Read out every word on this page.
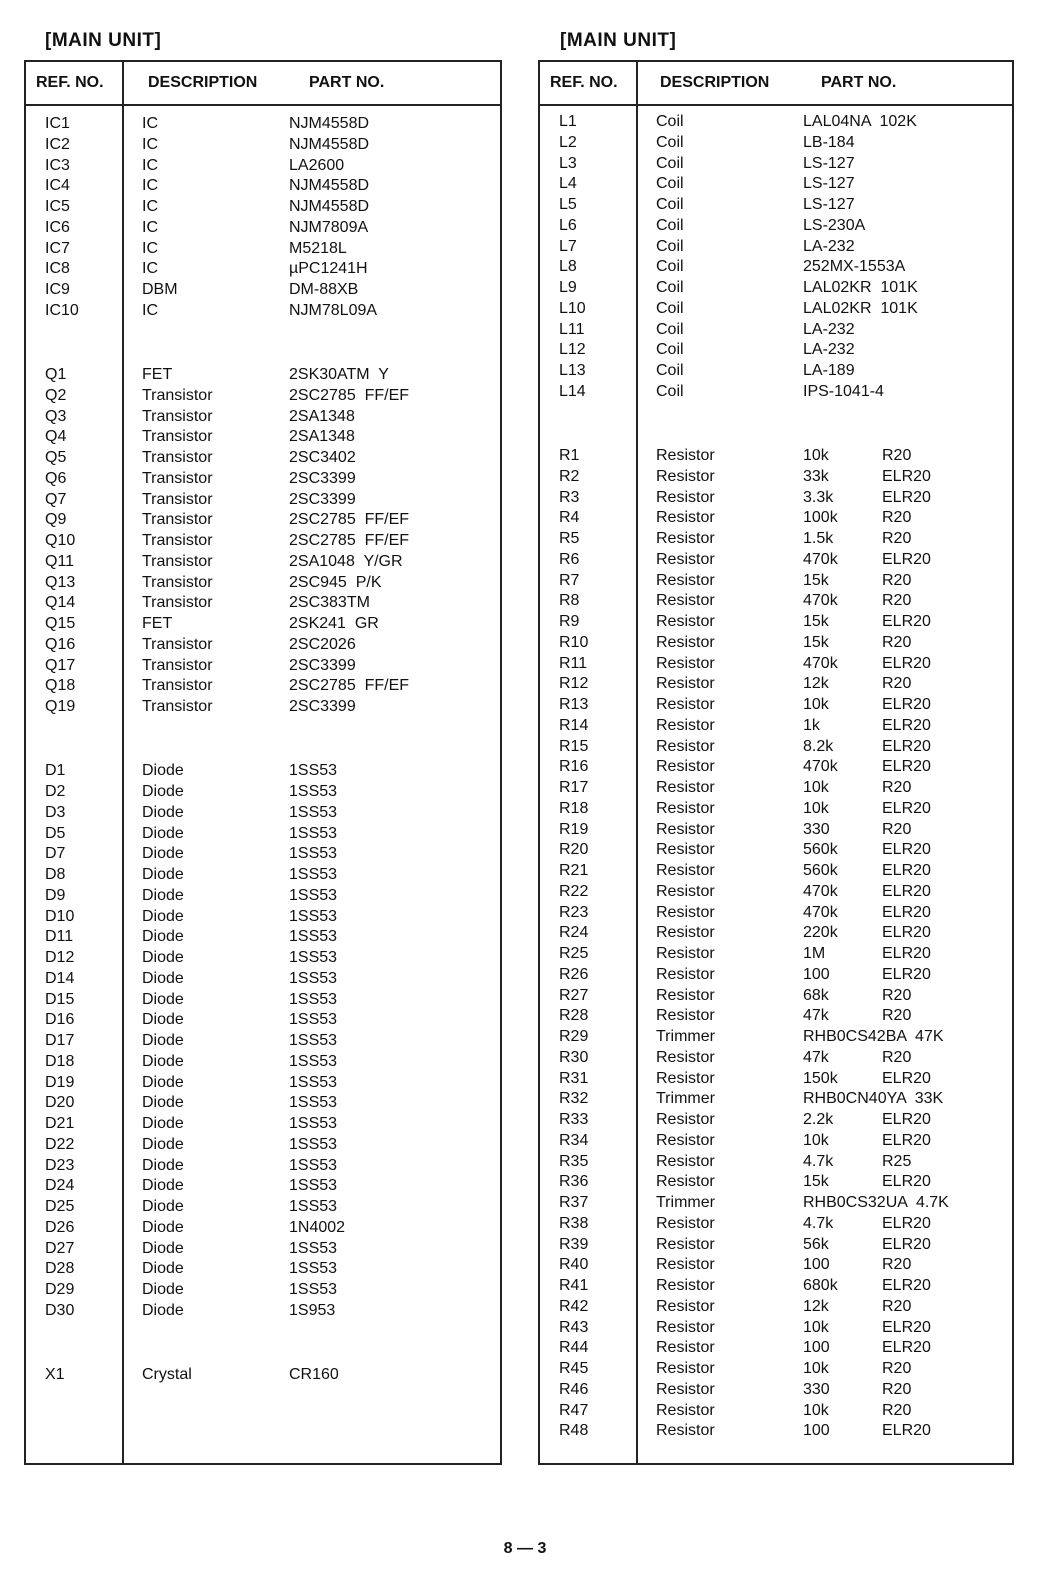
[MAIN UNIT]
REF. NO.	DESCRIPTION	PART NO.
IC1	IC	NJM4558D
IC2	IC	NJM4558D
IC3	IC	LA2600
IC4	IC	NJM4558D
IC5	IC	NJM4558D
IC6	IC	NJM7809A
IC7	IC	M5218L
IC8	IC	µPC1241H
IC9	DBM	DM-88XB
IC10	IC	NJM78L09A
Q1	FET	2SK30ATM  Y
Q2	Transistor	2SC2785  FF/EF
Q3	Transistor	2SA1348
Q4	Transistor	2SA1348
Q5	Transistor	2SC3402
Q6	Transistor	2SC3399
Q7	Transistor	2SC3399
Q9	Transistor	2SC2785  FF/EF
Q10	Transistor	2SC2785  FF/EF
Q11	Transistor	2SA1048  Y/GR
Q13	Transistor	2SC945  P/K
Q14	Transistor	2SC383TM
Q15	FET	2SK241  GR
Q16	Transistor	2SC2026
Q17	Transistor	2SC3399
Q18	Transistor	2SC2785  FF/EF
Q19	Transistor	2SC3399
D1	Diode	1SS53
D2	Diode	1SS53
D3	Diode	1SS53
D5	Diode	1SS53
D7	Diode	1SS53
D8	Diode	1SS53
D9	Diode	1SS53
D10	Diode	1SS53
D11	Diode	1SS53
D12	Diode	1SS53
D14	Diode	1SS53
D15	Diode	1SS53
D16	Diode	1SS53
D17	Diode	1SS53
D18	Diode	1SS53
D19	Diode	1SS53
D20	Diode	1SS53
D21	Diode	1SS53
D22	Diode	1SS53
D23	Diode	1SS53
D24	Diode	1SS53
D25	Diode	1SS53
D26	Diode	1N4002
D27	Diode	1SS53
D28	Diode	1SS53
D29	Diode	1SS53
D30	Diode	1S953
X1	Crystal	CR160
[MAIN UNIT]
REF. NO.	DESCRIPTION	PART NO.
L1	Coil	LAL04NA  102K
L2	Coil	LB-184
L3	Coil	LS-127
L4	Coil	LS-127
L5	Coil	LS-127
L6	Coil	LS-230A
L7	Coil	LA-232
L8	Coil	252MX-1553A
L9	Coil	LAL02KR  101K
L10	Coil	LAL02KR  101K
L11	Coil	LA-232
L12	Coil	LA-232
L13	Coil	LA-189
L14	Coil	IPS-1041-4
R1	Resistor	10k	R20
R2	Resistor	33k	ELR20
R3	Resistor	3.3k	ELR20
R4	Resistor	100k	R20
R5	Resistor	1.5k	R20
R6	Resistor	470k	ELR20
R7	Resistor	15k	R20
R8	Resistor	470k	R20
R9	Resistor	15k	ELR20
R10	Resistor	15k	R20
R11	Resistor	470k	ELR20
R12	Resistor	12k	R20
R13	Resistor	10k	ELR20
R14	Resistor	1k	ELR20
R15	Resistor	8.2k	ELR20
R16	Resistor	470k	ELR20
R17	Resistor	10k	R20
R18	Resistor	10k	ELR20
R19	Resistor	330	R20
R20	Resistor	560k	ELR20
R21	Resistor	560k	ELR20
R22	Resistor	470k	ELR20
R23	Resistor	470k	ELR20
R24	Resistor	220k	ELR20
R25	Resistor	1M	ELR20
R26	Resistor	100	ELR20
R27	Resistor	68k	R20
R28	Resistor	47k	R20
R29	Trimmer	RHB0CS42BA  47K
R30	Resistor	47k	R20
R31	Resistor	150k	ELR20
R32	Trimmer	RHB0CN40YA  33K
R33	Resistor	2.2k	ELR20
R34	Resistor	10k	ELR20
R35	Resistor	4.7k	R25
R36	Resistor	15k	ELR20
R37	Trimmer	RHB0CS32UA  4.7K
R38	Resistor	4.7k	ELR20
R39	Resistor	56k	ELR20
R40	Resistor	100	R20
R41	Resistor	680k	ELR20
R42	Resistor	12k	R20
R43	Resistor	10k	ELR20
R44	Resistor	100	ELR20
R45	Resistor	10k	R20
R46	Resistor	330	R20
R47	Resistor	10k	R20
R48	Resistor	100	ELR20
8 — 3
